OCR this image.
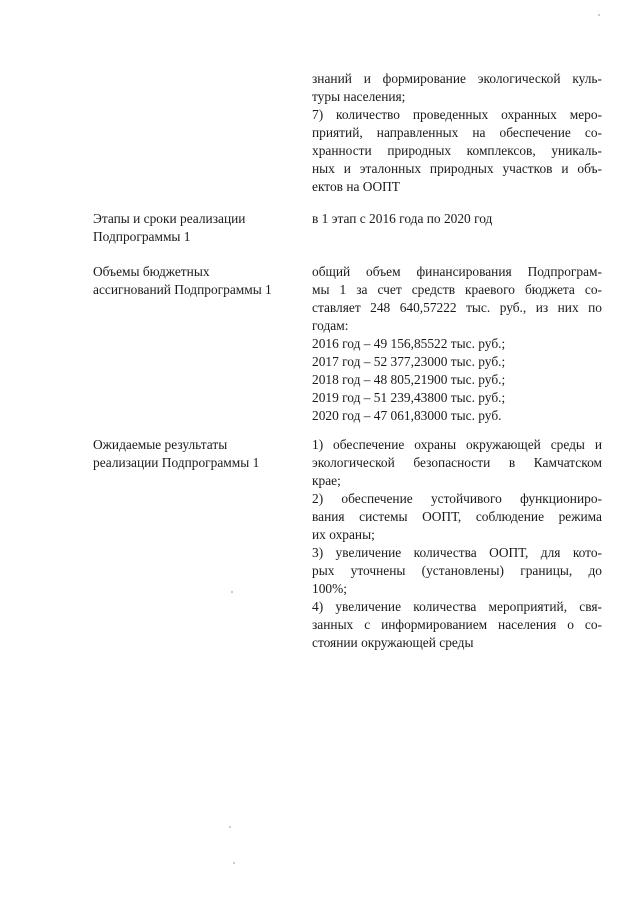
знаний и формирование экологической куль-
туры населения;
7) количество проведенных охранных меро-
приятий, направленных на обеспечение со-
хранности природных комплексов, уникаль-
ных и эталонных природных участков и объ-
ектов на ООПТ
Этапы и сроки реализации
Подпрограммы 1
в 1 этап с 2016 года по 2020 год
Объемы бюджетных
ассигнований Подпрограммы 1
общий объем финансирования Подпрограм-
мы 1 за счет средств краевого бюджета со-
ставляет 248 640,57222 тыс. руб., из них по
годам:
2016 год – 49 156,85522 тыс. руб.;
2017 год – 52 377,23000 тыс. руб.;
2018 год – 48 805,21900 тыс. руб.;
2019 год – 51 239,43800 тыс. руб.;
2020 год – 47 061,83000 тыс. руб.
Ожидаемые результаты
реализации Подпрограммы 1
1) обеспечение охраны окружающей среды и
экологической безопасности в Камчатском
крае;
2) обеспечение устойчивого функциониро-
вания системы ООПТ, соблюдение режима
их охраны;
3) увеличение количества ООПТ, для кото-
рых уточнены (установлены) границы, до
100%;
4) увеличение количества мероприятий, свя-
занных с информированием населения о со-
стоянии окружающей среды
